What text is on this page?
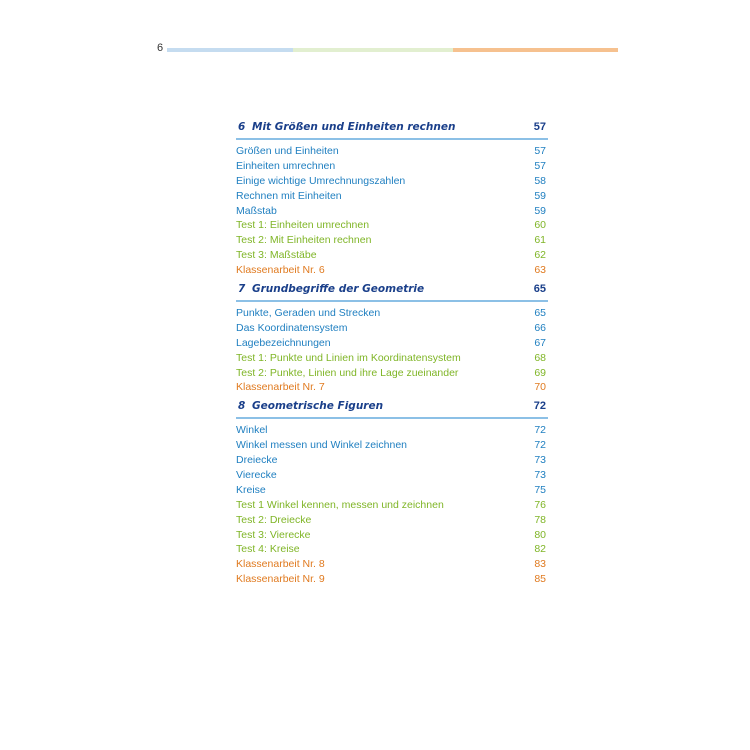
6
6 Mit Größen und Einheiten rechnen	57
Größen und Einheiten	57
Einheiten umrechnen	57
Einige wichtige Umrechnungszahlen	58
Rechnen mit Einheiten	59
Maßstab	59
Test 1: Einheiten umrechnen	60
Test 2: Mit Einheiten rechnen	61
Test 3: Maßstäbe	62
Klassenarbeit Nr. 6	63
7 Grundbegriffe der Geometrie	65
Punkte, Geraden und Strecken	65
Das Koordinatensystem	66
Lagebezeichnungen	67
Test 1: Punkte und Linien im Koordinatensystem	68
Test 2: Punkte, Linien und ihre Lage zueinander	69
Klassenarbeit Nr. 7	70
8 Geometrische Figuren	72
Winkel	72
Winkel messen und Winkel zeichnen	72
Dreiecke	73
Vierecke	73
Kreise	75
Test 1 Winkel kennen, messen und zeichnen	76
Test 2: Dreiecke	78
Test 3: Vierecke	80
Test 4: Kreise	82
Klassenarbeit Nr. 8	83
Klassenarbeit Nr. 9	85
